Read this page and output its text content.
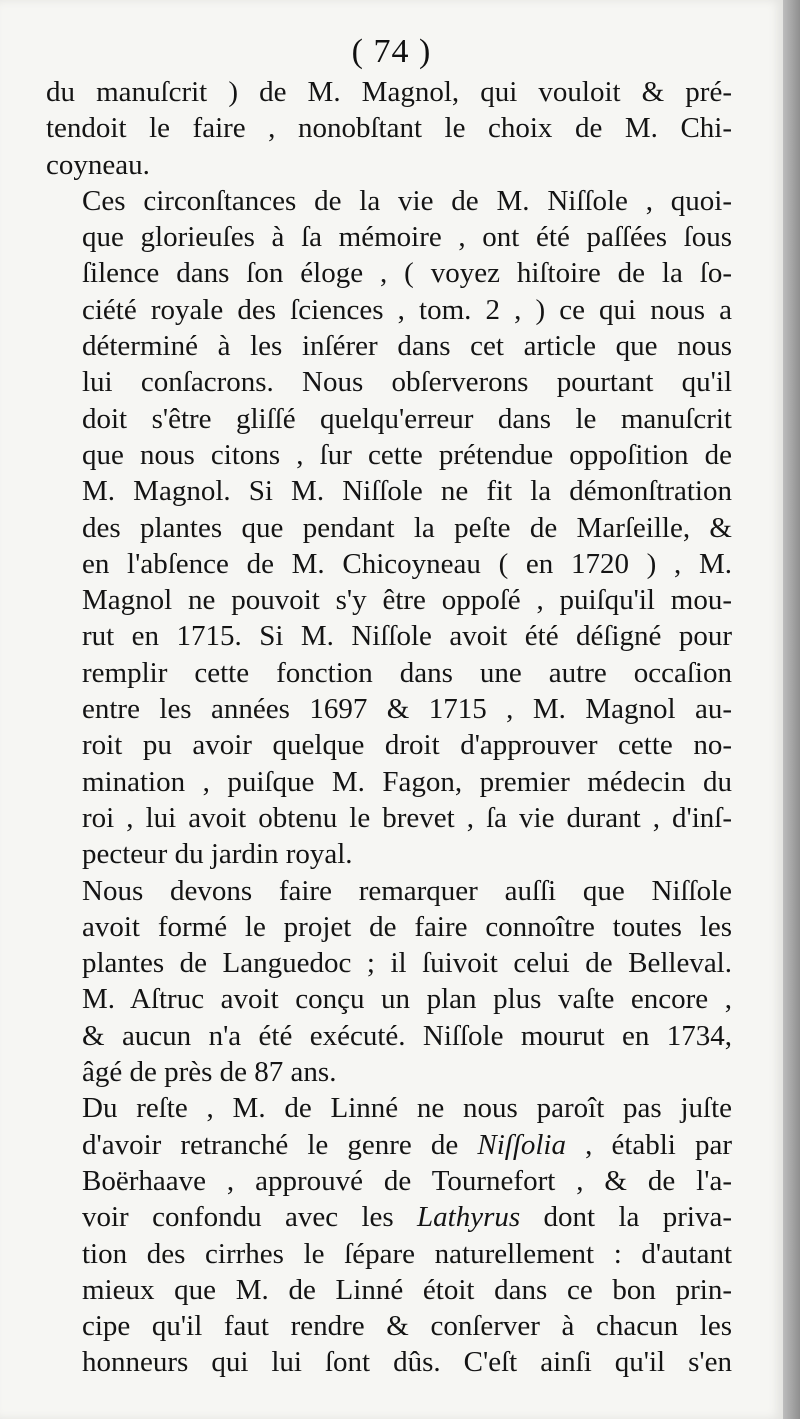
( 74 )

du manuſcrit ) de M. Magnol, qui vouloit & pré-
tendoit le faire , nonobſtant le choix de M. Chi-
coyneau.

Ces circonſtances de la vie de M. Niſſole , quoi-
que glorieuſes à ſa mémoire , ont été paſſées ſous
ſilence dans ſon éloge , ( voyez hiſtoire de la ſo-
ciété royale des ſciences , tom. 2 , ) ce qui nous a
déterminé à les inſérer dans cet article que nous
lui conſacrons. Nous obſerverons pourtant qu'il
doit s'être gliſſé quelqu'erreur dans le manuſcrit
que nous citons , ſur cette prétendue oppoſition de
M. Magnol. Si M. Niſſole ne fit la démonſtration
des plantes que pendant la peſte de Marſeille, &
en l'abſence de M. Chicoyneau ( en 1720 ) , M.
Magnol ne pouvoit s'y être oppoſé , puiſqu'il mou-
rut en 1715. Si M. Niſſole avoit été déſigné pour
remplir cette fonction dans une autre occaſion
entre les années 1697 & 1715 , M. Magnol au-
roit pu avoir quelque droit d'approuver cette no-
mination , puiſque M. Fagon, premier médecin du
roi , lui avoit obtenu le brevet , ſa vie durant , d'inſ-
pecteur du jardin royal.

Nous devons faire remarquer auſſi que Niſſole
avoit formé le projet de faire connoître toutes les
plantes de Languedoc ; il ſuivoit celui de Belleval.
M. Aſtruc avoit conçu un plan plus vaſte encore ,
& aucun n'a été exécuté. Niſſole mourut en 1734,
âgé de près de 87 ans.

Du reſte , M. de Linné ne nous paroît pas juſte
d'avoir retranché le genre de Niſſolia , établi par
Boërhaave , approuvé de Tournefort , & de l'a-
voir confondu avec les Lathyrus dont la priva-
tion des cirrhes le ſépare naturellement : d'autant
mieux que M. de Linné étoit dans ce bon prin-
cipe qu'il faut rendre & conſerver à chacun les
honneurs qui lui ſont dûs. C'eſt ainſi qu'il s'en
